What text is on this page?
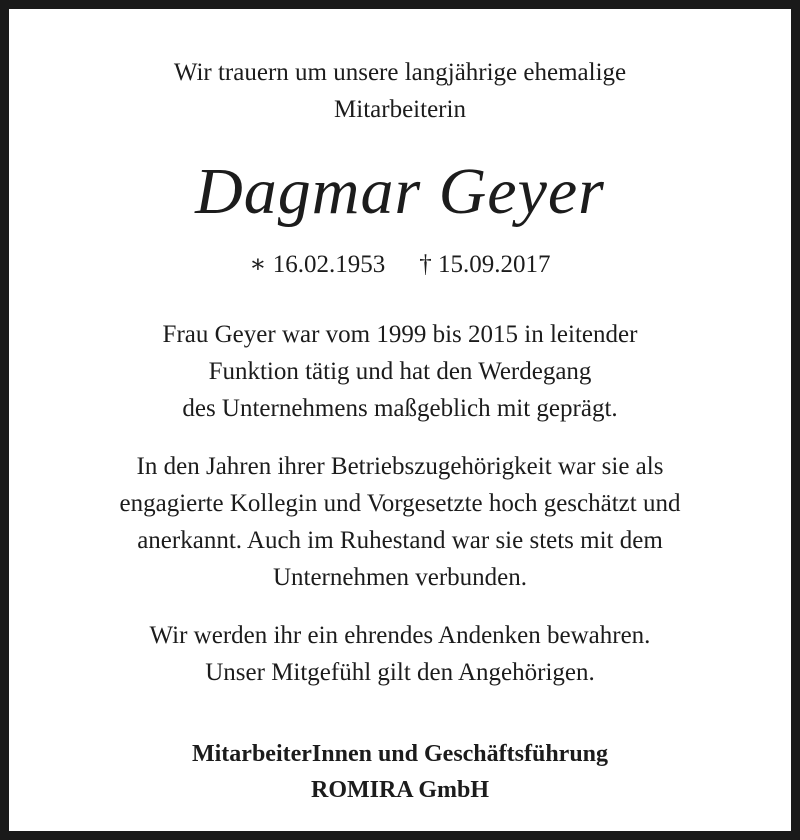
Wir trauern um unsere langjährige ehemalige
Mitarbeiterin
Dagmar Geyer
∗ 16.02.1953 † 15.09.2017
Frau Geyer war vom 1999 bis 2015 in leitender
Funktion tätig und hat den Werdegang
des Unternehmens maßgeblich mit geprägt.
In den Jahren ihrer Betriebszugehörigkeit war sie als
engagierte Kollegin und Vorgesetzte hoch geschätzt und
anerkannt. Auch im Ruhestand war sie stets mit dem
Unternehmen verbunden.
Wir werden ihr ein ehrendes Andenken bewahren.
Unser Mitgefühl gilt den Angehörigen.
MitarbeiterInnen und Geschäftsführung
ROMIRA GmbH
